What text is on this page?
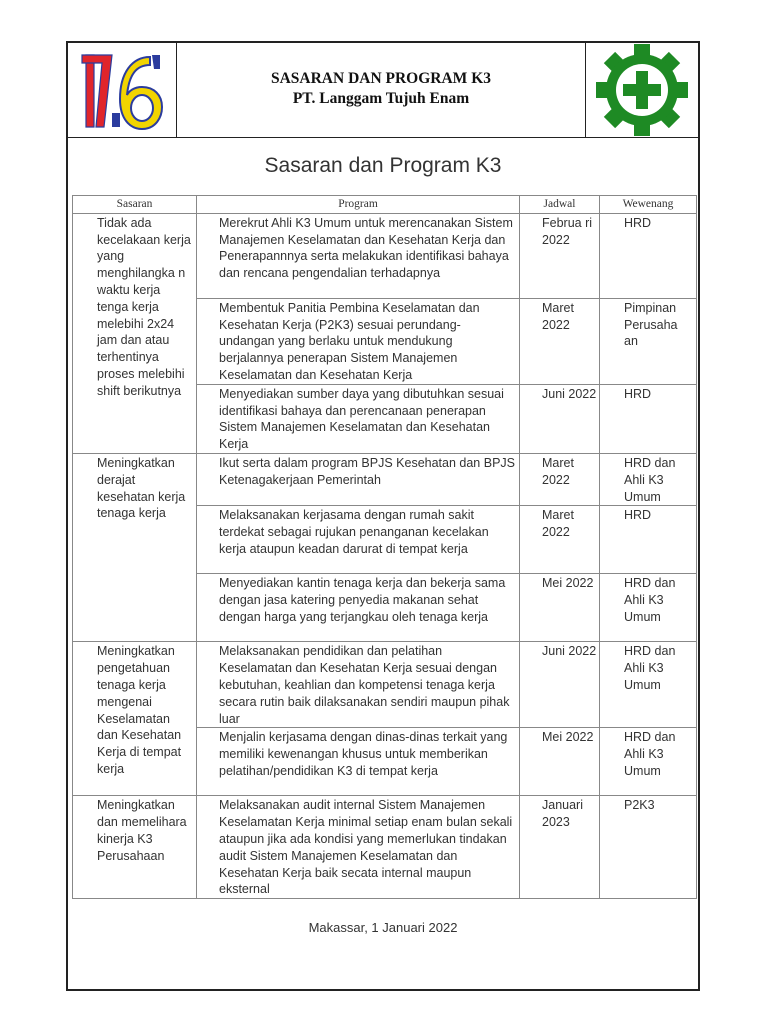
SASARAN DAN PROGRAM K3
PT. Langgam Tujuh Enam
Sasaran dan Program K3
Sasaran	Program	Jadwal	Wewenang
Tidak ada kecelakaan kerja yang menghilangka n waktu kerja tenga kerja melebihi 2x24 jam dan atau terhentinya proses melebihi shift berikutnya	Merekrut Ahli K3 Umum untuk merencanakan Sistem Manajemen Keselamatan dan Kesehatan Kerja dan Penerapannnya serta melakukan identifikasi bahaya dan rencana pengendalian terhadapnya	Februa ri 2022	HRD
	Membentuk Panitia Pembina Keselamatan dan Kesehatan Kerja (P2K3) sesuai perundang-undangan yang berlaku untuk mendukung berjalannya penerapan Sistem Manajemen Keselamatan dan Kesehatan Kerja	Maret 2022	Pimpinan Perusaha an
	Menyediakan sumber daya yang dibutuhkan sesuai identifikasi bahaya dan perencanaan penerapan Sistem Manajemen Keselamatan dan Kesehatan Kerja	Juni 2022	HRD
Meningkatkan derajat kesehatan kerja tenaga kerja	Ikut serta dalam program BPJS Kesehatan dan BPJS Ketenagakerjaan Pemerintah	Maret 2022	HRD dan Ahli K3 Umum
	Melaksanakan kerjasama dengan rumah sakit terdekat sebagai rujukan penanganan kecelakan kerja ataupun keadan darurat di tempat kerja	Maret 2022	HRD
	Menyediakan kantin tenaga kerja dan bekerja sama dengan jasa katering penyedia makanan sehat dengan harga yang terjangkau oleh tenaga kerja	Mei 2022	HRD dan Ahli K3 Umum
Meningkatkan pengetahuan tenaga kerja mengenai Keselamatan dan Kesehatan Kerja di tempat kerja	Melaksanakan pendidikan dan pelatihan Keselamatan dan Kesehatan Kerja sesuai dengan kebutuhan, keahlian dan kompetensi tenaga kerja secara rutin baik dilaksanakan sendiri maupun pihak luar	Juni 2022	HRD dan Ahli K3 Umum
	Menjalin kerjasama dengan dinas-dinas terkait yang memiliki kewenangan khusus untuk memberikan pelatihan/pendidikan K3 di tempat kerja	Mei 2022	HRD dan Ahli K3 Umum
Meningkatkan dan memelihara kinerja K3 Perusahaan	Melaksanakan audit internal Sistem Manajemen Keselamatan Kerja minimal setiap enam bulan sekali ataupun jika ada kondisi yang memerlukan tindakan audit Sistem Manajemen Keselamatan dan Kesehatan Kerja baik secata internal maupun eksternal	Januari 2023	P2K3
Makassar, 1 Januari 2022
